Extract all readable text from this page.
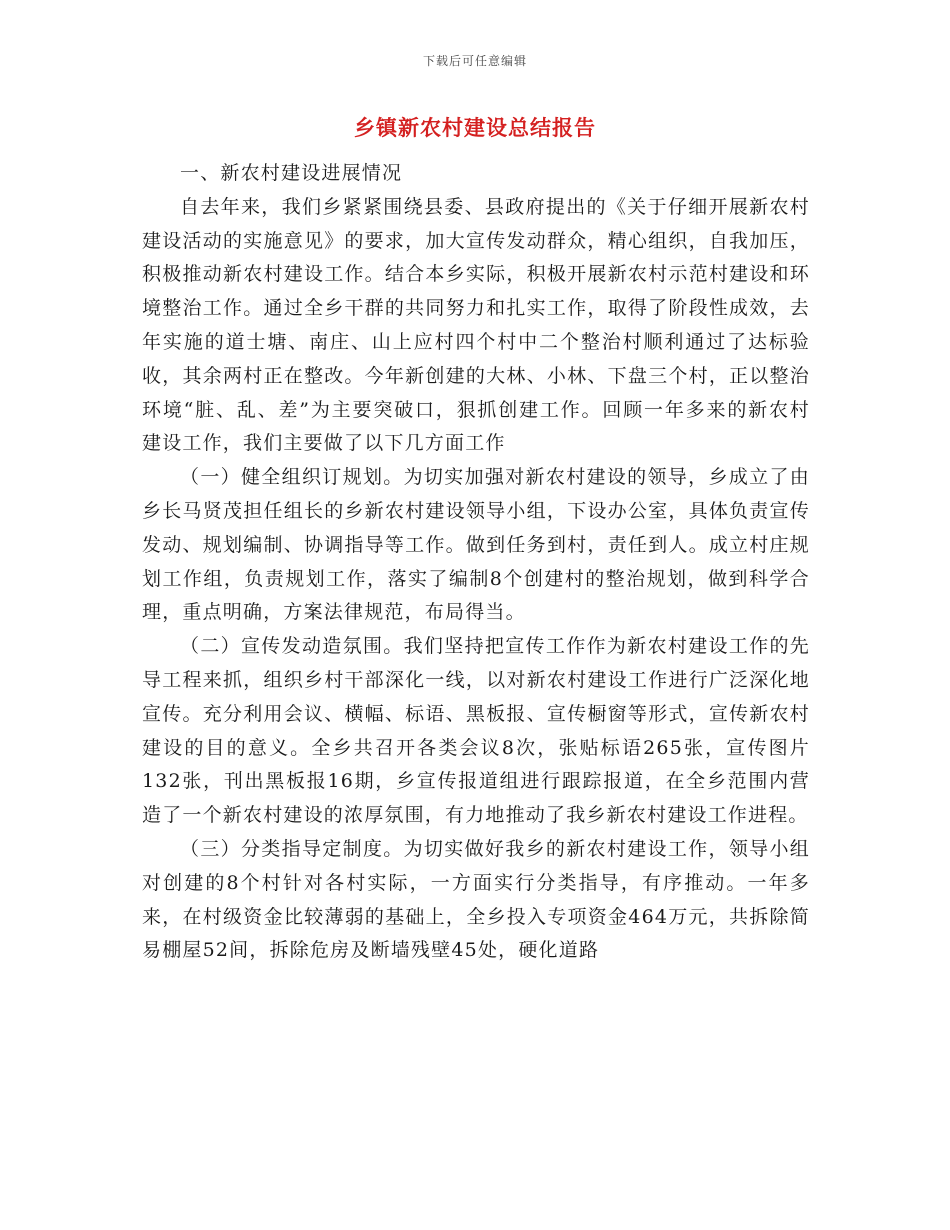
下载后可任意编辑
乡镇新农村建设总结报告

一、新农村建设进展情况

自去年来，我们乡紧紧围绕县委、县政府提出的《关于仔细开展新农村建设活动的实施意见》的要求，加大宣传发动群众，精心组织，自我加压，积极推动新农村建设工作。结合本乡实际，积极开展新农村示范村建设和环境整治工作。通过全乡干群的共同努力和扎实工作，取得了阶段性成效，去年实施的道士塘、南庄、山上应村四个村中二个整治村顺利通过了达标验收，其余两村正在整改。今年新创建的大林、小林、下盘三个村，正以整治环境“脏、乱、差”为主要突破口，狠抓创建工作。回顾一年多来的新农村建设工作，我们主要做了以下几方面工作

（一）健全组织订规划。为切实加强对新农村建设的领导，乡成立了由乡长马贤茂担任组长的乡新农村建设领导小组，下设办公室，具体负责宣传发动、规划编制、协调指导等工作。做到任务到村，责任到人。成立村庄规划工作组，负责规划工作，落实了编制8个创建村的整治规划，做到科学合理，重点明确，方案法律规范，布局得当。

（二）宣传发动造氛围。我们坚持把宣传工作作为新农村建设工作的先导工程来抓，组织乡村干部深化一线，以对新农村建设工作进行广泛深化地宣传。充分利用会议、横幅、标语、黑板报、宣传橱窗等形式，宣传新农村建设的目的意义。全乡共召开各类会议8次，张贴标语265张，宣传图片132张，刊出黑板报16期，乡宣传报道组进行跟踪报道，在全乡范围内营造了一个新农村建设的浓厚氛围，有力地推动了我乡新农村建设工作进程。

（三）分类指导定制度。为切实做好我乡的新农村建设工作，领导小组对创建的8个村针对各村实际，一方面实行分类指导，有序推动。一年多来，在村级资金比较薄弱的基础上，全乡投入专项资金464万元，共拆除简易棚屋52间，拆除危房及断墙残壁45处，硬化道路
